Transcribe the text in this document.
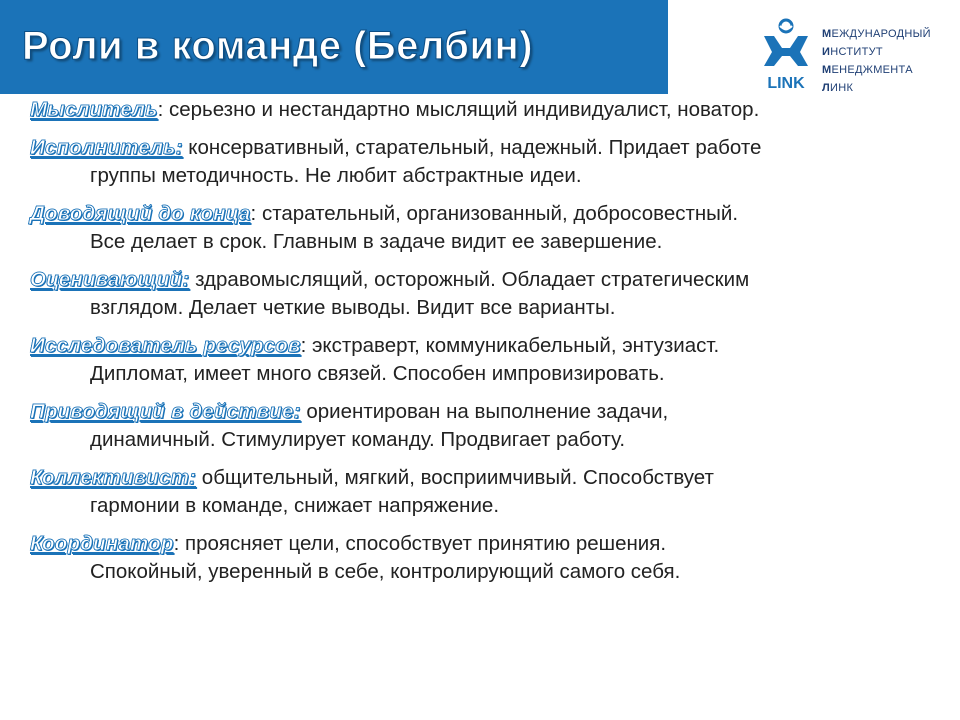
Роли в команде (Белбин)
LINK
МЕЖДУНАРОДНЫЙ
ИНСТИТУТ
МЕНЕДЖМЕНТА
ЛИНК
Мыслитель: серьезно и нестандартно мыслящий индивидуалист, новатор.
Исполнитель: консервативный, старательный, надежный. Придает работе
группы методичность. Не любит абстрактные идеи.
Доводящий до конца: старательный, организованный, добросовестный.
Все делает в срок. Главным в задаче видит ее завершение.
Оценивающий: здравомыслящий, осторожный. Обладает стратегическим
взглядом. Делает четкие выводы. Видит все варианты.
Исследователь ресурсов: экстраверт, коммуникабельный, энтузиаст.
Дипломат, имеет много связей. Способен импровизировать.
Приводящий в действие: ориентирован на выполнение задачи,
динамичный. Стимулирует команду. Продвигает работу.
Коллективист: общительный, мягкий, восприимчивый. Способствует
гармонии в команде, снижает напряжение.
Координатор: проясняет цели, способствует принятию решения.
Спокойный, уверенный в себе, контролирующий самого себя.
